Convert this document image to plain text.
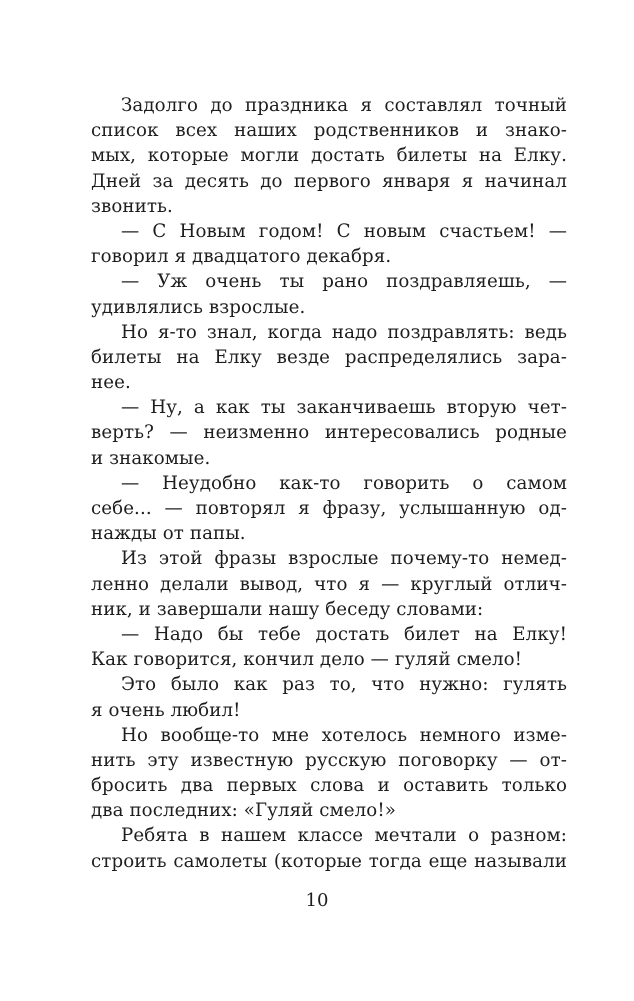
Задолго до праздника я составлял точный
список всех наших родственников и знако-
мых, которые могли достать билеты на Елку.
Дней за десять до первого января я начинал
звонить.
— С Новым годом! С новым счастьем! —
говорил я двадцатого декабря.
— Уж очень ты рано поздравляешь, —
удивлялись взрослые.
Но я-то знал, когда надо поздравлять: ведь
билеты на Елку везде распределялись зара-
нее.
— Ну, а как ты заканчиваешь вторую чет-
верть? — неизменно интересовались родные
и знакомые.
— Неудобно как-то говорить о самом
себе... — повторял я фразу, услышанную од-
нажды от папы.
Из этой фразы взрослые почему-то немед-
ленно делали вывод, что я — круглый отлич-
ник, и завершали нашу беседу словами:
— Надо бы тебе достать билет на Елку!
Как говорится, кончил дело — гуляй смело!
Это было как раз то, что нужно: гулять
я очень любил!
Но вообще-то мне хотелось немного изме-
нить эту известную русскую поговорку — от-
бросить два первых слова и оставить только
два последних: «Гуляй смело!»
Ребята в нашем классе мечтали о разном:
строить самолеты (которые тогда еще называли
10
